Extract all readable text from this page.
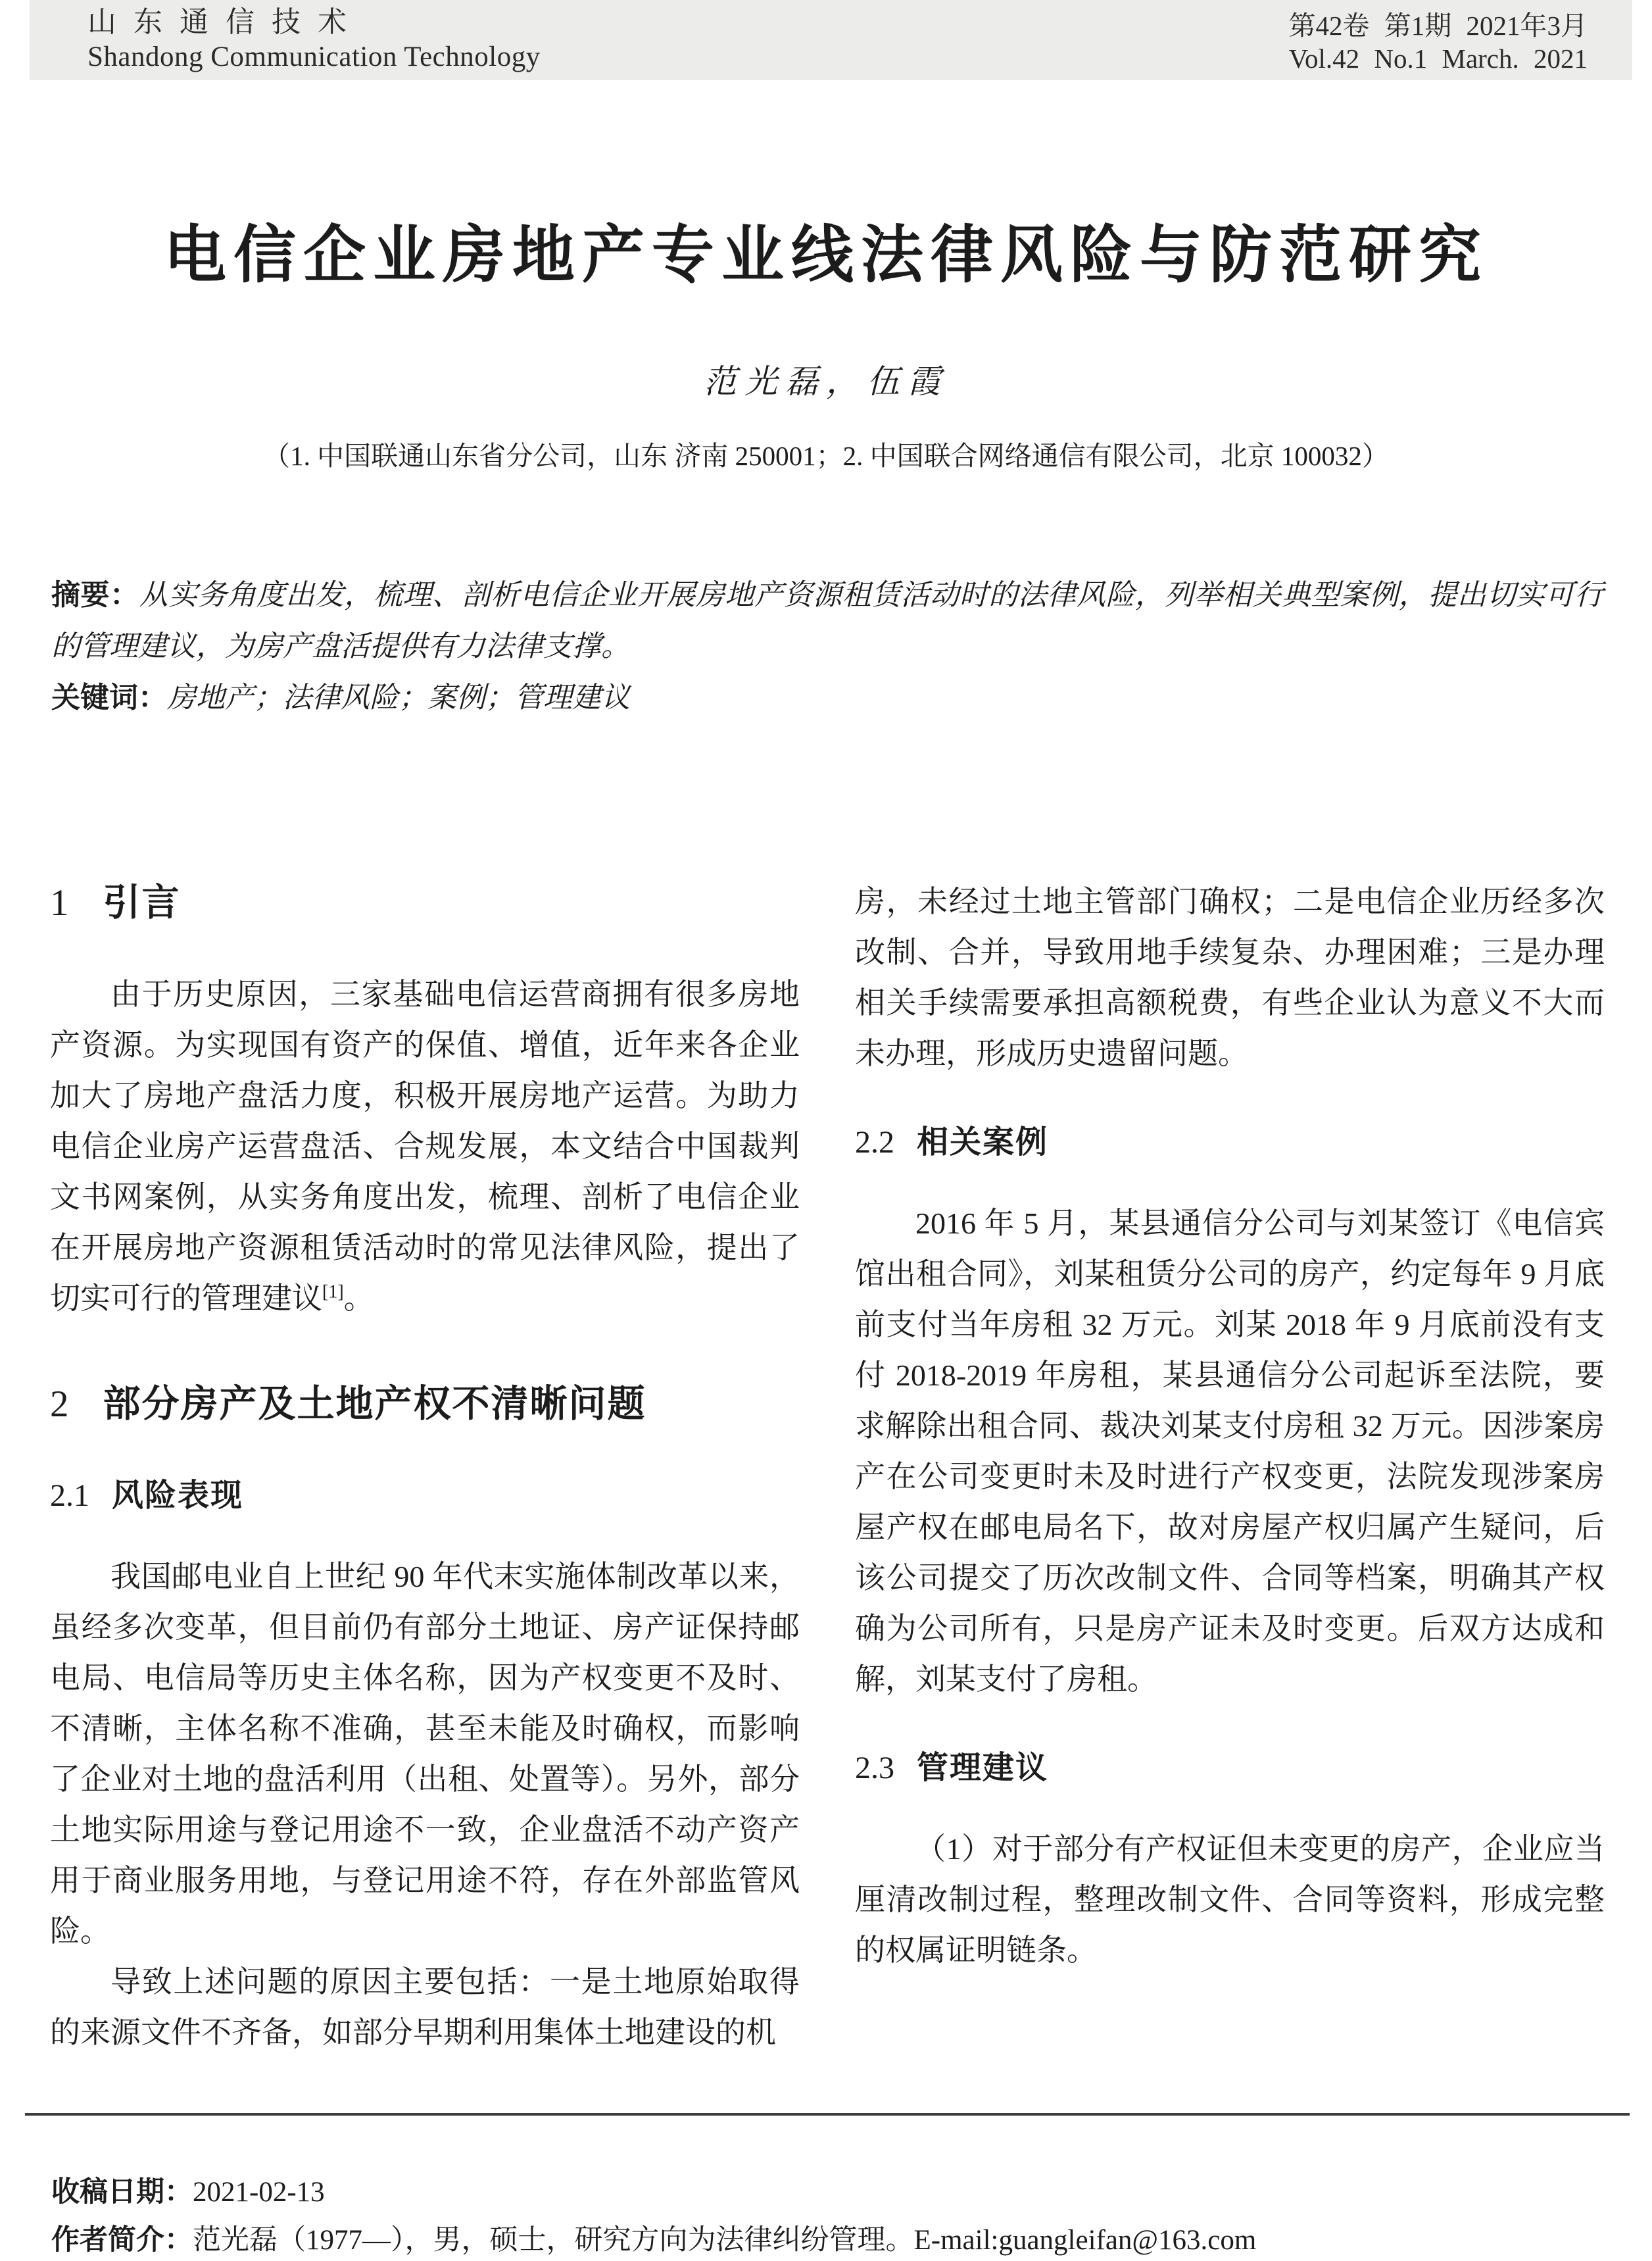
山东通信技术
Shandong Communication Technology
第42卷 第1期 2021年3月
Vol.42 No.1 March. 2021
电信企业房地产专业线法律风险与防范研究
范光磊，伍霞
（1. 中国联通山东省分公司，山东 济南 250001；2. 中国联合网络通信有限公司，北京 100032）

摘要：从实务角度出发，梳理、剖析电信企业开展房地产资源租赁活动时的法律风险，列举相关典型案例，提出切实可行的管理建议，为房产盘活提供有力法律支撑。

关键词：房地产；法律风险；案例；管理建议

1 引言

由于历史原因，三家基础电信运营商拥有很多房地产资源。为实现国有资产的保值、增值，近年来各企业加大了房地产盘活力度，积极开展房地产运营。为助力电信企业房产运营盘活、合规发展，本文结合中国裁判文书网案例，从实务角度出发，梳理、剖析了电信企业在开展房地产资源租赁活动时的常见法律风险，提出了切实可行的管理建议[1]。

2 部分房产及土地产权不清晰问题
2.1 风险表现

我国邮电业自上世纪 90 年代末实施体制改革以来，虽经多次变革，但目前仍有部分土地证、房产证保持邮电局、电信局等历史主体名称，因为产权变更不及时、不清晰，主体名称不准确，甚至未能及时确权，而影响了企业对土地的盘活利用（出租、处置等）。另外，部分土地实际用途与登记用途不一致，企业盘活不动产资产用于商业服务用地，与登记用途不符，存在外部监管风险。

导致上述问题的原因主要包括：一是土地原始取得的来源文件不齐备，如部分早期利用集体土地建设的机

房，未经过土地主管部门确权；二是电信企业历经多次改制、合并，导致用地手续复杂、办理困难；三是办理相关手续需要承担高额税费，有些企业认为意义不大而未办理，形成历史遗留问题。

2.2 相关案例

2016 年 5 月，某县通信分公司与刘某签订《电信宾馆出租合同》，刘某租赁分公司的房产，约定每年 9 月底前支付当年房租 32 万元。刘某 2018 年 9 月底前没有支付 2018-2019 年房租，某县通信分公司起诉至法院，要求解除出租合同、裁决刘某支付房租 32 万元。因涉案房产在公司变更时未及时进行产权变更，法院发现涉案房屋产权在邮电局名下，故对房屋产权归属产生疑问，后该公司提交了历次改制文件、合同等档案，明确其产权确为公司所有，只是房产证未及时变更。后双方达成和解，刘某支付了房租。

2.3 管理建议

（1）对于部分有产权证但未变更的房产，企业应当厘清改制过程，整理改制文件、合同等资料，形成完整的权属证明链条。

收稿日期：2021-02-13

作者简介：范光磊（1977—），男，硕士，研究方向为法律纠纷管理。E-mail:guangleifan@163.com
